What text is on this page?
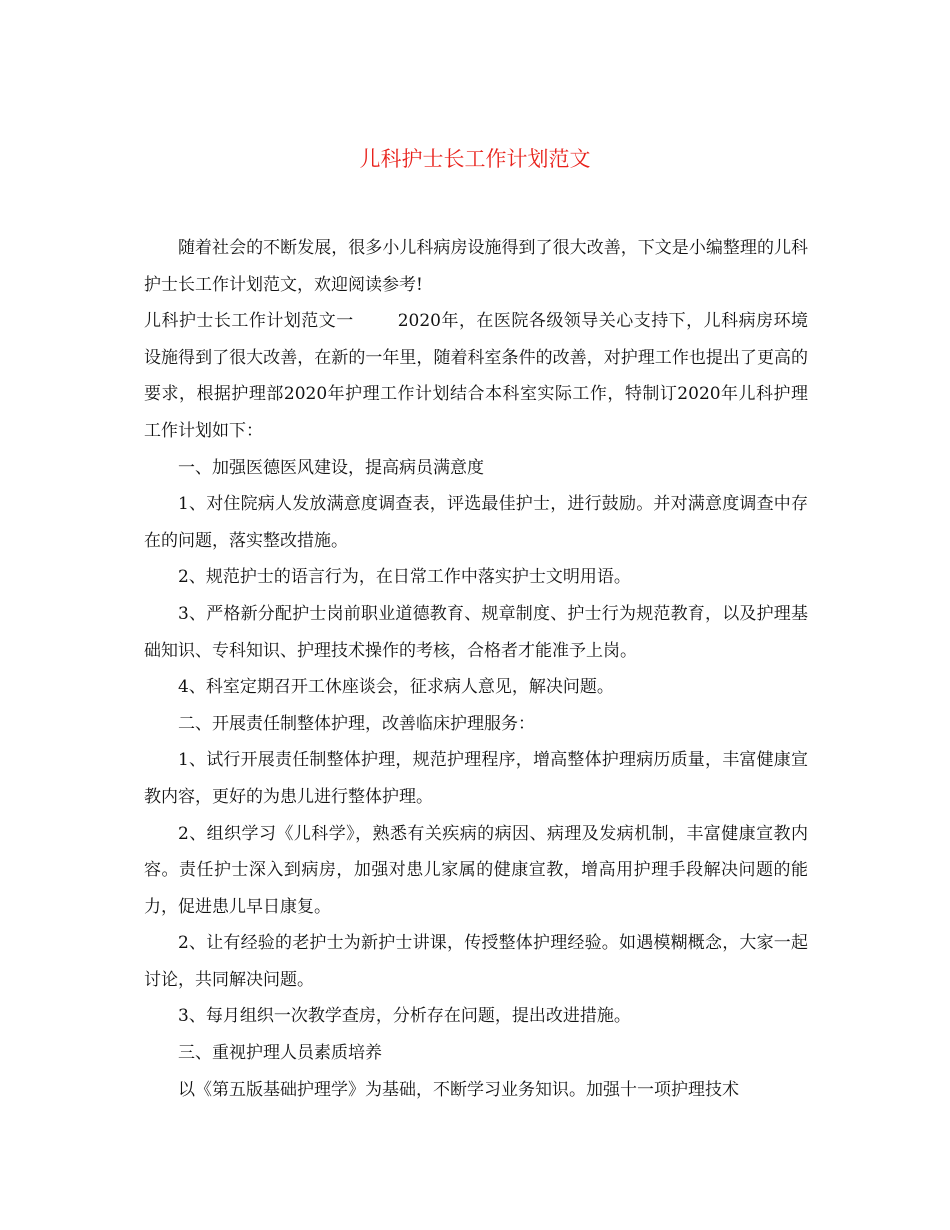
儿科护士长工作计划范文

随着社会的不断发展，很多小儿科病房设施得到了很大改善，下文是小编整理的儿科护士长工作计划范文，欢迎阅读参考!

儿科护士长工作计划范文一	2020年，在医院各级领导关心支持下，儿科病房环境设施得到了很大改善，在新的一年里，随着科室条件的改善，对护理工作也提出了更高的要求，根据护理部2020年护理工作计划结合本科室实际工作，特制订2020年儿科护理工作计划如下：

一、加强医德医风建设，提高病员满意度

1、对住院病人发放满意度调查表，评选最佳护士，进行鼓励。并对满意度调查中存在的问题，落实整改措施。

2、规范护士的语言行为，在日常工作中落实护士文明用语。

3、严格新分配护士岗前职业道德教育、规章制度、护士行为规范教育，以及护理基础知识、专科知识、护理技术操作的考核，合格者才能准予上岗。

4、科室定期召开工休座谈会，征求病人意见，解决问题。

二、开展责任制整体护理，改善临床护理服务：

1、试行开展责任制整体护理，规范护理程序，增高整体护理病历质量，丰富健康宣教内容，更好的为患儿进行整体护理。

2、组织学习《儿科学》，熟悉有关疾病的病因、病理及发病机制，丰富健康宣教内容。责任护士深入到病房，加强对患儿家属的健康宣教，增高用护理手段解决问题的能力，促进患儿早日康复。

2、让有经验的老护士为新护士讲课，传授整体护理经验。如遇模糊概念，大家一起讨论，共同解决问题。

3、每月组织一次教学查房，分析存在问题，提出改进措施。

三、重视护理人员素质培养

以《第五版基础护理学》为基础，不断学习业务知识。加强十一项护理技术
